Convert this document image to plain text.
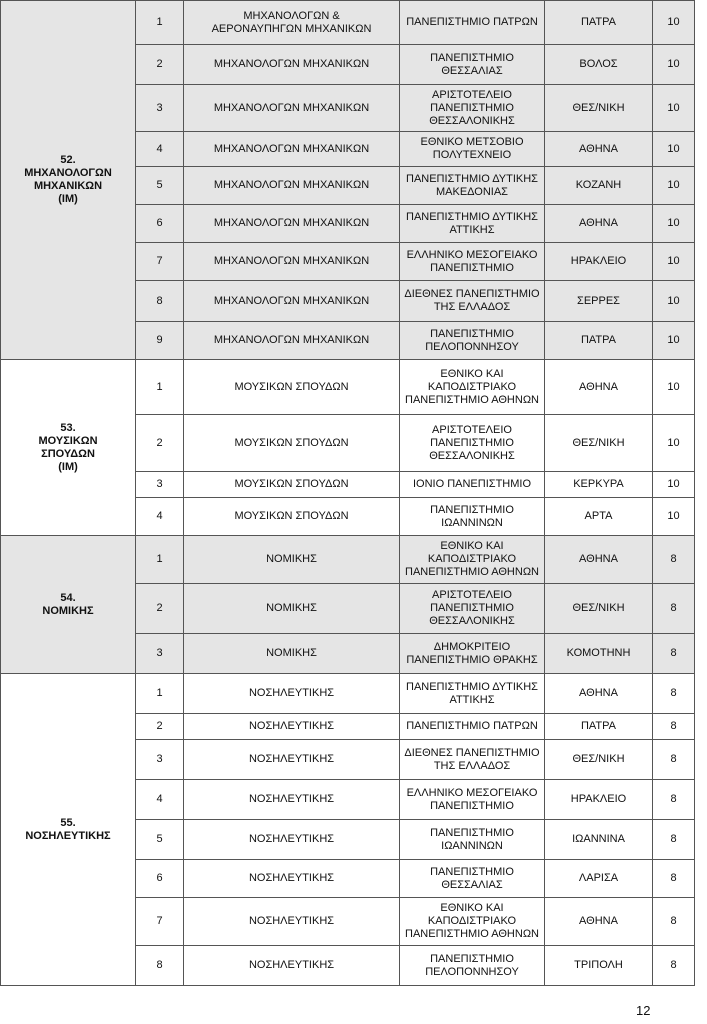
52.
ΜΗΧΑΝΟΛΟΓΩΝ
ΜΗΧΑΝΙΚΩΝ
(IM)	1	ΜΗΧΑΝΟΛΟΓΩΝ &
ΑΕΡΟΝΑΥΠΗΓΩΝ ΜΗΧΑΝΙΚΩΝ	ΠΑΝΕΠΙΣΤΗΜΙΟ ΠΑΤΡΩΝ	ΠΑΤΡΑ	10
	2	ΜΗΧΑΝΟΛΟΓΩΝ ΜΗΧΑΝΙΚΩΝ	ΠΑΝΕΠΙΣΤΗΜΙΟ
ΘΕΣΣΑΛΙΑΣ	ΒΟΛΟΣ	10
	3	ΜΗΧΑΝΟΛΟΓΩΝ ΜΗΧΑΝΙΚΩΝ	ΑΡΙΣΤΟΤΕΛΕΙΟ
ΠΑΝΕΠΙΣΤΗΜΙΟ
ΘΕΣΣΑΛΟΝΙΚΗΣ	ΘΕΣ/ΝΙΚΗ	10
	4	ΜΗΧΑΝΟΛΟΓΩΝ ΜΗΧΑΝΙΚΩΝ	ΕΘΝΙΚΟ ΜΕΤΣΟΒΙΟ
ΠΟΛΥΤΕΧΝΕΙΟ	ΑΘΗΝΑ	10
	5	ΜΗΧΑΝΟΛΟΓΩΝ ΜΗΧΑΝΙΚΩΝ	ΠΑΝΕΠΙΣΤΗΜΙΟ ΔΥΤΙΚΗΣ
ΜΑΚΕΔΟΝΙΑΣ	ΚΟΖΑΝΗ	10
	6	ΜΗΧΑΝΟΛΟΓΩΝ ΜΗΧΑΝΙΚΩΝ	ΠΑΝΕΠΙΣΤΗΜΙΟ ΔΥΤΙΚΗΣ
ΑΤΤΙΚΗΣ	ΑΘΗΝΑ	10
	7	ΜΗΧΑΝΟΛΟΓΩΝ ΜΗΧΑΝΙΚΩΝ	ΕΛΛΗΝΙΚΟ ΜΕΣΟΓΕΙΑΚΟ
ΠΑΝΕΠΙΣΤΗΜΙΟ	ΗΡΑΚΛΕΙΟ	10
	8	ΜΗΧΑΝΟΛΟΓΩΝ ΜΗΧΑΝΙΚΩΝ	ΔΙΕΘΝΕΣ ΠΑΝΕΠΙΣΤΗΜΙΟ
ΤΗΣ ΕΛΛΑΔΟΣ	ΣΕΡΡΕΣ	10
	9	ΜΗΧΑΝΟΛΟΓΩΝ ΜΗΧΑΝΙΚΩΝ	ΠΑΝΕΠΙΣΤΗΜΙΟ
ΠΕΛΟΠΟΝΝΗΣΟΥ	ΠΑΤΡΑ	10
53.
ΜΟΥΣΙΚΩΝ
ΣΠΟΥΔΩΝ
(IM)	1	ΜΟΥΣΙΚΩΝ ΣΠΟΥΔΩΝ	ΕΘΝΙΚΟ ΚΑΙ
ΚΑΠΟΔΙΣΤΡΙΑΚΟ
ΠΑΝΕΠΙΣΤΗΜΙΟ ΑΘΗΝΩΝ	ΑΘΗΝΑ	10
	2	ΜΟΥΣΙΚΩΝ ΣΠΟΥΔΩΝ	ΑΡΙΣΤΟΤΕΛΕΙΟ
ΠΑΝΕΠΙΣΤΗΜΙΟ
ΘΕΣΣΑΛΟΝΙΚΗΣ	ΘΕΣ/ΝΙΚΗ	10
	3	ΜΟΥΣΙΚΩΝ ΣΠΟΥΔΩΝ	ΙΟΝΙΟ ΠΑΝΕΠΙΣΤΗΜΙΟ	ΚΕΡΚΥΡΑ	10
	4	ΜΟΥΣΙΚΩΝ ΣΠΟΥΔΩΝ	ΠΑΝΕΠΙΣΤΗΜΙΟ
ΙΩΑΝΝΙΝΩΝ	ΑΡΤΑ	10
54.
ΝΟΜΙΚΗΣ	1	ΝΟΜΙΚΗΣ	ΕΘΝΙΚΟ ΚΑΙ
ΚΑΠΟΔΙΣΤΡΙΑΚΟ
ΠΑΝΕΠΙΣΤΗΜΙΟ ΑΘΗΝΩΝ	ΑΘΗΝΑ	8
	2	ΝΟΜΙΚΗΣ	ΑΡΙΣΤΟΤΕΛΕΙΟ
ΠΑΝΕΠΙΣΤΗΜΙΟ
ΘΕΣΣΑΛΟΝΙΚΗΣ	ΘΕΣ/ΝΙΚΗ	8
	3	ΝΟΜΙΚΗΣ	ΔΗΜΟΚΡΙΤΕΙΟ
ΠΑΝΕΠΙΣΤΗΜΙΟ ΘΡΑΚΗΣ	ΚΟΜΟΤΗΝΗ	8
55.
ΝΟΣΗΛΕΥΤΙΚΗΣ	1	ΝΟΣΗΛΕΥΤΙΚΗΣ	ΠΑΝΕΠΙΣΤΗΜΙΟ ΔΥΤΙΚΗΣ
ΑΤΤΙΚΗΣ	ΑΘΗΝΑ	8
	2	ΝΟΣΗΛΕΥΤΙΚΗΣ	ΠΑΝΕΠΙΣΤΗΜΙΟ ΠΑΤΡΩΝ	ΠΑΤΡΑ	8
	3	ΝΟΣΗΛΕΥΤΙΚΗΣ	ΔΙΕΘΝΕΣ ΠΑΝΕΠΙΣΤΗΜΙΟ
ΤΗΣ ΕΛΛΑΔΟΣ	ΘΕΣ/ΝΙΚΗ	8
	4	ΝΟΣΗΛΕΥΤΙΚΗΣ	ΕΛΛΗΝΙΚΟ ΜΕΣΟΓΕΙΑΚΟ
ΠΑΝΕΠΙΣΤΗΜΙΟ	ΗΡΑΚΛΕΙΟ	8
	5	ΝΟΣΗΛΕΥΤΙΚΗΣ	ΠΑΝΕΠΙΣΤΗΜΙΟ
ΙΩΑΝΝΙΝΩΝ	ΙΩΑΝΝΙΝΑ	8
	6	ΝΟΣΗΛΕΥΤΙΚΗΣ	ΠΑΝΕΠΙΣΤΗΜΙΟ
ΘΕΣΣΑΛΙΑΣ	ΛΑΡΙΣΑ	8
	7	ΝΟΣΗΛΕΥΤΙΚΗΣ	ΕΘΝΙΚΟ ΚΑΙ
ΚΑΠΟΔΙΣΤΡΙΑΚΟ
ΠΑΝΕΠΙΣΤΗΜΙΟ ΑΘΗΝΩΝ	ΑΘΗΝΑ	8
	8	ΝΟΣΗΛΕΥΤΙΚΗΣ	ΠΑΝΕΠΙΣΤΗΜΙΟ
ΠΕΛΟΠΟΝΝΗΣΟΥ	ΤΡΙΠΟΛΗ	8
12
